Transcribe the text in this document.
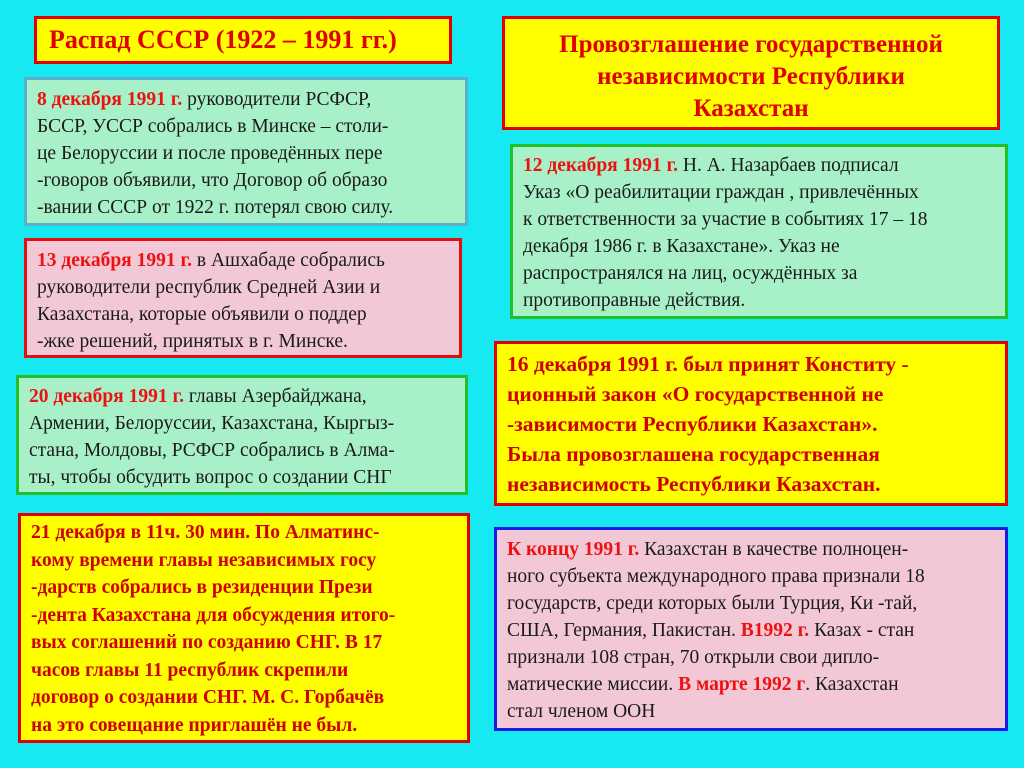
Распад СССР (1922 – 1991 гг.)	Провозглашение государственной
независимости Республики
Казахстан
8 декабря 1991 г. руководители РСФСР,
БССР, УССР собрались в Минске – столи-
це Белоруссии и после проведённых пере
-говоров объявили, что Договор об образо
-вании СССР от 1922 г. потерял свою силу.
13 декабря 1991 г. в Ашхабаде собрались
руководители республик Средней Азии и
Казахстана, которые объявили о поддер
-жке решений, принятых в г. Минске.
20 декабря 1991 г. главы Азербайджана,
Армении, Белоруссии, Казахстана, Кыргыз-
стана, Молдовы, РСФСР собрались в Алма-
ты, чтобы обсудить вопрос о создании СНГ
21 декабря в 11ч. 30 мин. По Алматинс-
кому времени главы независимых госу
-дарств собрались в резиденции Прези
-дента Казахстана для обсуждения итого-
вых соглашений по созданию СНГ. В 17
часов главы 11 республик скрепили
договор о создании СНГ. М. С. Горбачёв
на это совещание приглашён не был.
12 декабря 1991 г. Н. А. Назарбаев подписал
Указ «О реабилитации граждан , привлечённых
к ответственности за участие в событиях 17 – 18
декабря 1986 г. в Казахстане». Указ не
распространялся на лиц, осуждённых за
противоправные действия.
16 декабря 1991 г. был принят Конститу -
ционный закон «О государственной не
-зависимости Республики Казахстан».
Была провозглашена государственная
независимость Республики Казахстан.
К концу 1991 г. Казахстан в качестве полноцен-
ного субъекта международного права признали 18
государств, среди которых были Турция, Ки -тай,
США, Германия, Пакистан. В1992 г. Казах - стан
признали 108 стран, 70 открыли свои дипло-
матические миссии. В марте 1992 г. Казахстан
стал членом ООН
